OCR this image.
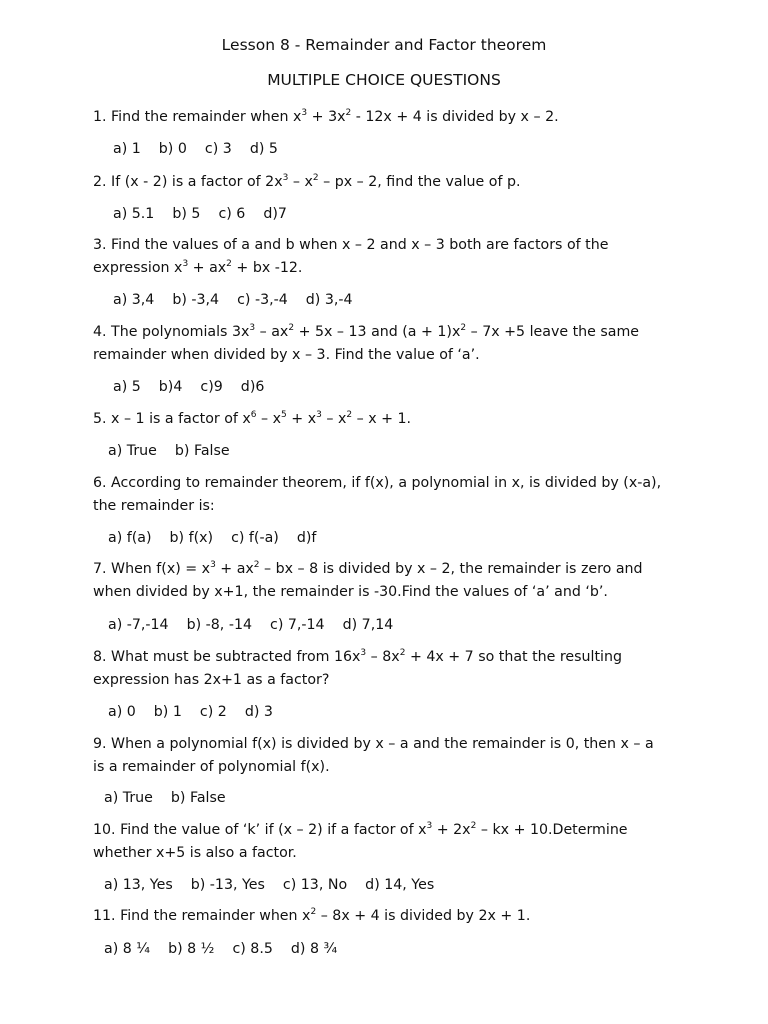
Lesson 8 - Remainder and Factor theorem
MULTIPLE CHOICE QUESTIONS
1. Find the remainder when $x^3 + 3x^2 - 12x + 4$ is divided by x – 2.
a) 1    b) 0    c) 3    d) 5
2. If (x - 2) is a factor of $2x^3 - x^2$ – px – 2, find the value of p.
a) 5.1    b) 5    c) 6    d)7
3. Find the values of a and b when x – 2 and x – 3 both are factors of the
expression $x^3 + ax^2$ + bx -12.
a) 3,4    b) -3,4    c) -3,-4    d) 3,-4
4. The polynomials $3x^3 - ax^2 + 5x - 13$ and $(a + 1)x^2 - 7x +5$ leave the same
remainder when divided by x – 3. Find the value of ‘a’.
a) 5    b)4    c)9    d)6
5. x – 1 is a factor of $x^6 - x^5 + x^3 - x^2 - x + 1$.
a) True    b) False
6. According to remainder theorem, if f(x), a polynomial in x, is divided by (x-a),
the remainder is:
a) f(a)    b) f(x)    c) f(-a)    d)f
7. When $f(x) = x^3 + ax^2$ – bx – 8 is divided by x – 2, the remainder is zero and
when divided by x+1, the remainder is -30.Find the values of ‘a’ and ‘b’.
a) -7,-14    b) -8, -14    c) 7,-14    d) 7,14
8. What must be subtracted from $16x^3 - 8x^2 + 4x + 7$ so that the resulting
expression has 2x+1 as a factor?
a) 0    b) 1    c) 2    d) 3
9. When a polynomial f(x) is divided by x – a and the remainder is 0, then x – a
is a remainder of polynomial f(x).
a) True    b) False
10. Find the value of ‘k’ if (x – 2) if a factor of $x^3 + 2x^2$ – kx + 10.Determine
whether x+5 is also a factor.
a) 13, Yes    b) -13, Yes    c) 13, No    d) 14, Yes
11. Find the remainder when $x^2 - 8x + 4$ is divided by 2x + 1.
a) 8 ¼    b) 8 ½    c) 8.5    d) 8 ¾
